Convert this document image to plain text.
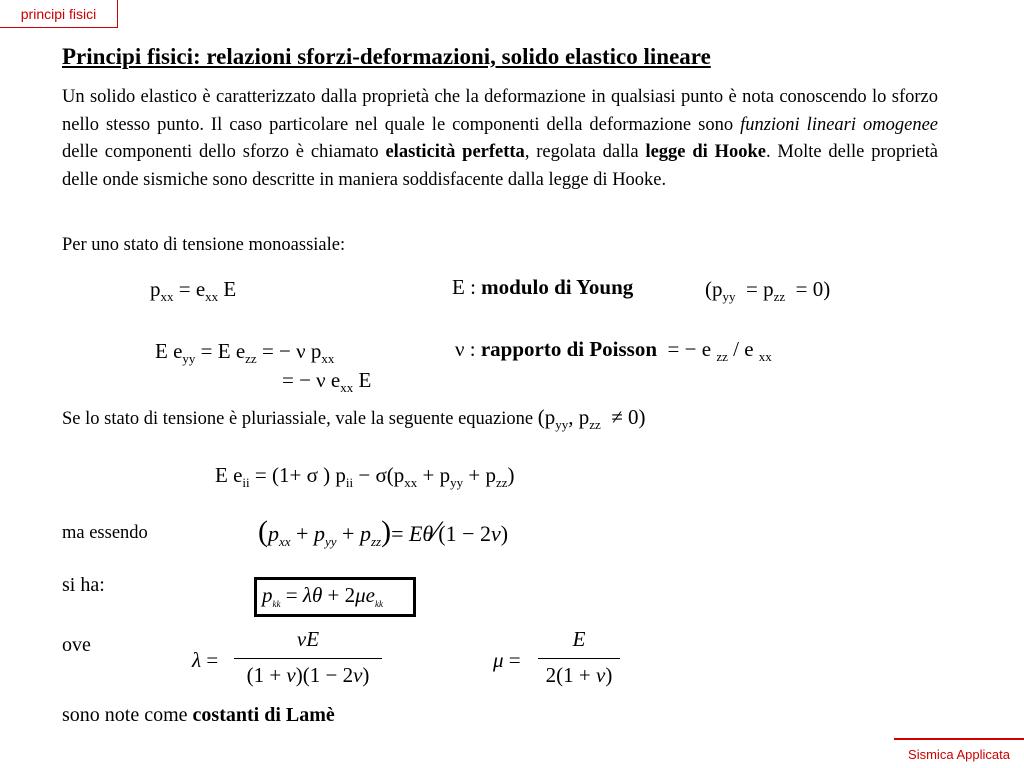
principi fisici
Principi fisici: relazioni sforzi-deformazioni, solido elastico lineare

Un solido elastico è caratterizzato dalla proprietà che la deformazione in qualsiasi punto è nota conoscendo lo sforzo nello stesso punto. Il caso particolare nel quale le componenti della deformazione sono funzioni lineari omogenee delle componenti dello sforzo è chiamato elasticità perfetta, regolata dalla legge di Hooke. Molte delle proprietà delle onde sismiche sono descritte in maniera soddisfacente dalla legge di Hooke.

Per uno stato di tensione monoassiale:
$p_{xx} = e_{xx}$ E	E : modulo di Young	$(p_{yy} = p_{zz} = 0)$
E $e_{yy} = E$ $e_{zz}$ = − ν $p_{xx}$
= − ν $e_{xx}$ E
ν : rapporto di Poisson  = − e $_{zz}$ / e $_{xx}$
Se lo stato di tensione è pluriassiale, vale la seguente equazione ($p_{yy}$, $p_{zz} \ne 0$)
E $e_{ii} = (1+ \sigma$ ) $p_{ii} - \sigma(p_{xx} + p_{yy} + p_{zz})$
ma essendo	$(p_{xx} + p_{yy} + p_{zz})=$ Eθ⁄(1 − 2ν)
si ha:	$p_{kk} = \lambda\theta + 2\mu e_{kk}$
ove
λ =
νE
(1 + ν)(1 − 2ν)
μ =
E
2(1 + ν)
sono note come costanti di Lamè
Sismica Applicata
